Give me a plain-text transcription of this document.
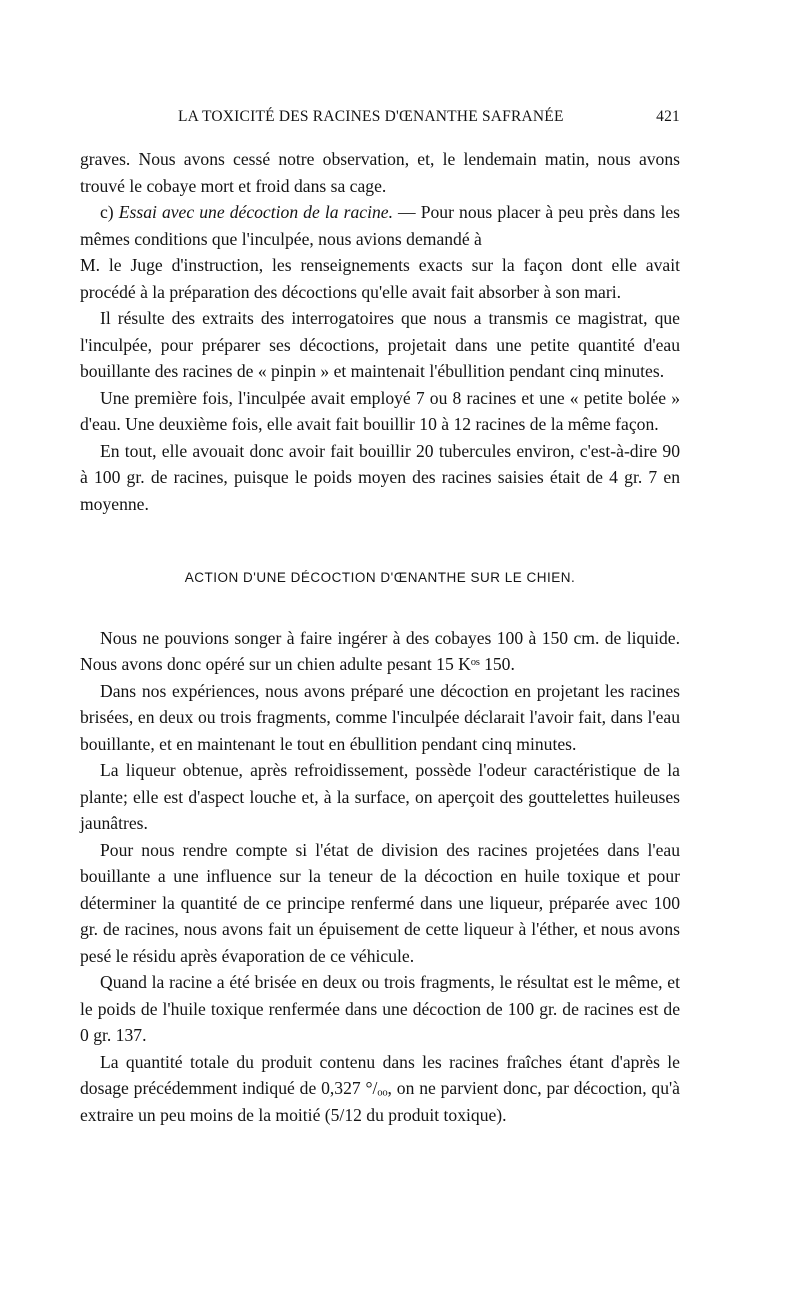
LA TOXICITÉ DES RACINES D'ŒNANTHE SAFRANÉE	421

graves. Nous avons cessé notre observation, et, le lendemain matin, nous avons trouvé le cobaye mort et froid dans sa cage.

c) Essai avec une décoction de la racine. — Pour nous placer à peu près dans les mêmes conditions que l'inculpée, nous avions demandé à

M. le Juge d'instruction, les renseignements exacts sur la façon dont elle avait procédé à la préparation des décoctions qu'elle avait fait absorber à son mari.

Il résulte des extraits des interrogatoires que nous a transmis ce magistrat, que l'inculpée, pour préparer ses décoctions, projetait dans une petite quantité d'eau bouillante des racines de « pinpin » et maintenait l'ébullition pendant cinq minutes.

Une première fois, l'inculpée avait employé 7 ou 8 racines et une « petite bolée » d'eau. Une deuxième fois, elle avait fait bouillir 10 à 12 racines de la même façon.

En tout, elle avouait donc avoir fait bouillir 20 tubercules environ, c'est-à-dire 90 à 100 gr. de racines, puisque le poids moyen des racines saisies était de 4 gr. 7 en moyenne.

ACTION D'UNE DÉCOCTION D'ŒNANTHE SUR LE CHIEN.

Nous ne pouvions songer à faire ingérer à des cobayes 100 à 150 cm. de liquide. Nous avons donc opéré sur un chien adulte pesant 15 Kᵒˢ 150.

Dans nos expériences, nous avons préparé une décoction en projetant les racines brisées, en deux ou trois fragments, comme l'inculpée déclarait l'avoir fait, dans l'eau bouillante, et en maintenant le tout en ébullition pendant cinq minutes.

La liqueur obtenue, après refroidissement, possède l'odeur caractéristique de la plante; elle est d'aspect louche et, à la surface, on aperçoit des gouttelettes huileuses jaunâtres.

Pour nous rendre compte si l'état de division des racines projetées dans l'eau bouillante a une influence sur la teneur de la décoction en huile toxique et pour déterminer la quantité de ce principe renfermé dans une liqueur, préparée avec 100 gr. de racines, nous avons fait un épuisement de cette liqueur à l'éther, et nous avons pesé le résidu après évaporation de ce véhicule.

Quand la racine a été brisée en deux ou trois fragments, le résultat est le même, et le poids de l'huile toxique renfermée dans une décoction de 100 gr. de racines est de 0 gr. 137.

La quantité totale du produit contenu dans les racines fraîches étant d'après le dosage précédemment indiqué de 0,327 °/ₒₒ, on ne parvient donc, par décoction, qu'à extraire un peu moins de la moitié (5/12 du produit toxique).
